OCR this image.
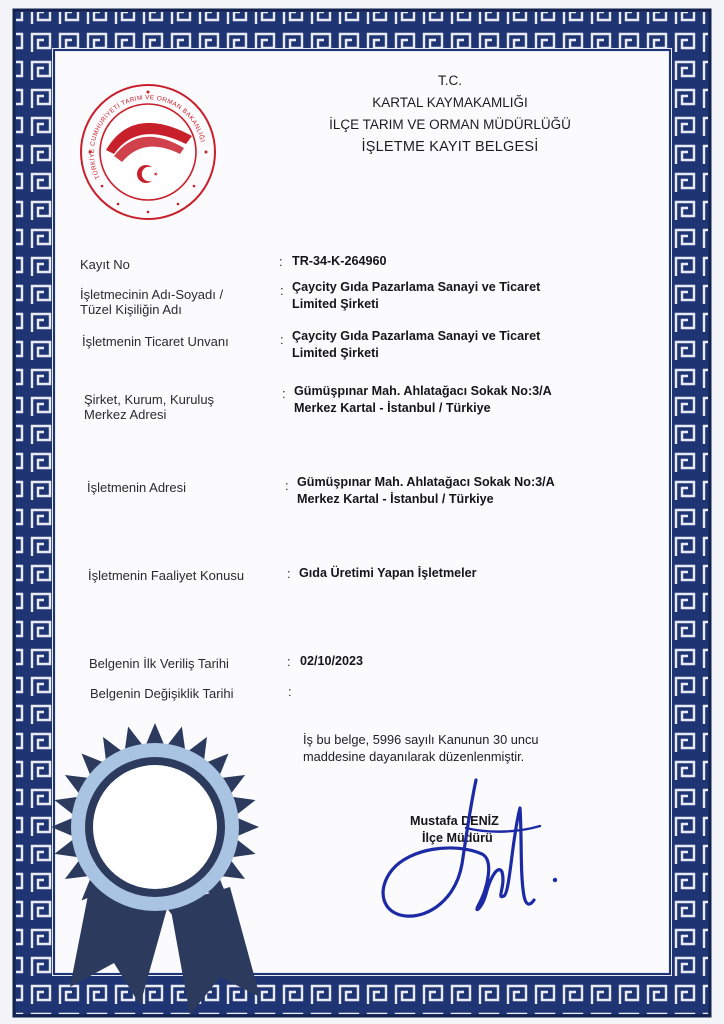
T.C.
KARTAL KAYMAKAMLIĞI
İLÇE TARIM VE ORMAN MÜDÜRLÜĞÜ
İŞLETME KAYIT BELGESİ
TÜRKİYE CUMHURİYETİ TARIM VE ORMAN BAKANLIĞI
Kayıt No	: TR-34-K-264960
İşletmecinin Adı-Soyadı /
Tüzel Kişiliğin Adı
: Çaycity Gıda Pazarlama Sanayi ve Ticaret
Limited Şirketi
İşletmenin Ticaret Unvanı	: Çaycity Gıda Pazarlama Sanayi ve Ticaret
Limited Şirketi
Şirket, Kurum, Kuruluş
Merkez Adresi
: Gümüşpınar Mah. Ahlatağacı Sokak No:3/A
Merkez Kartal - İstanbul / Türkiye
İşletmenin Adresi	: Gümüşpınar Mah. Ahlatağacı Sokak No:3/A
Merkez Kartal - İstanbul / Türkiye
İşletmenin Faaliyet Konusu	: Gıda Üretimi Yapan İşletmeler
Belgenin İlk Veriliş Tarihi	: 02/10/2023
Belgenin Değişiklik Tarihi	:
İş bu belge, 5996 sayılı Kanunun 30 uncu
maddesine dayanılarak düzenlenmiştir.
Mustafa DENİZ
İlçe Müdürü
